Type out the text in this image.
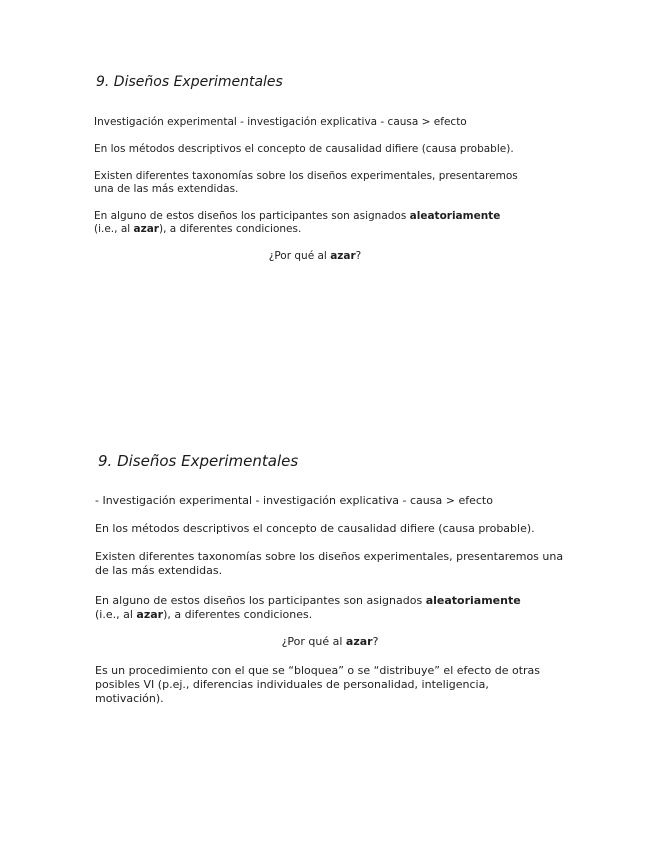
9. Diseños Experimentales

Investigación experimental - investigación explicativa - causa > efecto

En los métodos descriptivos el concepto de causalidad difiere (causa probable).

Existen diferentes taxonomías sobre los diseños experimentales, presentaremos una de las más extendidas.

En alguno de estos diseños los participantes son asignados aleatoriamente (i.e., al azar), a diferentes condiciones.

¿Por qué al azar?

9. Diseños Experimentales

- Investigación experimental - investigación explicativa - causa > efecto

En los métodos descriptivos el concepto de causalidad difiere (causa probable).

Existen diferentes taxonomías sobre los diseños experimentales, presentaremos una de las más extendidas.

En alguno de estos diseños los participantes son asignados aleatoriamente (i.e., al azar), a diferentes condiciones.

¿Por qué al azar?

Es un procedimiento con el que se “bloquea” o se “distribuye” el efecto de otras posibles VI (p.ej., diferencias individuales de personalidad, inteligencia, motivación).
